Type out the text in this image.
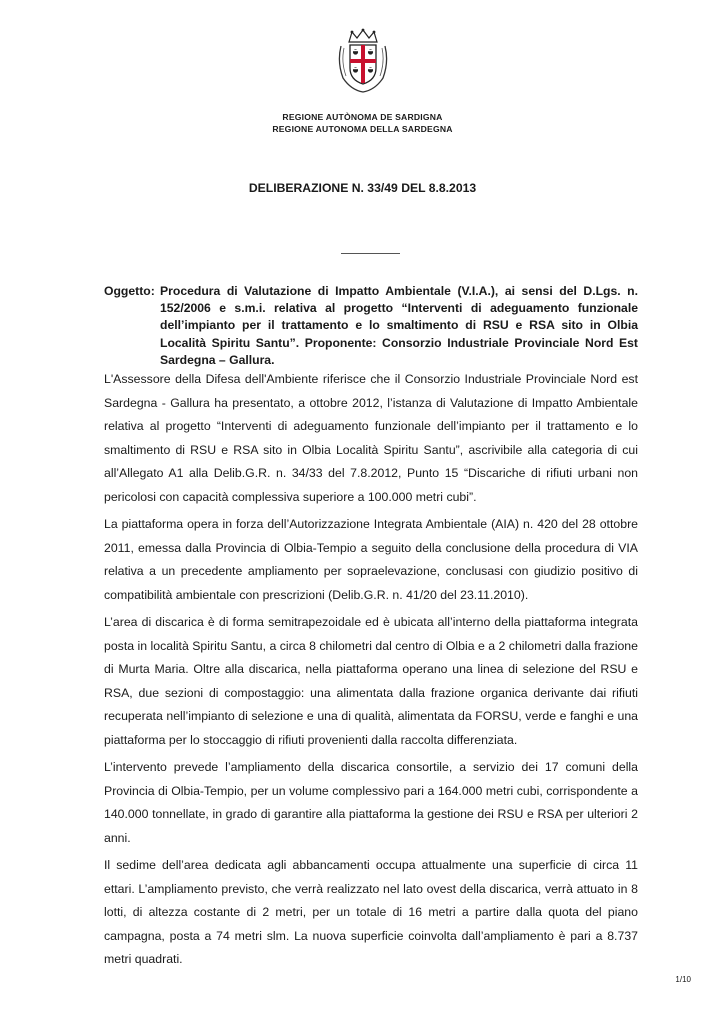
REGIONE AUTÒNOMA DE SARDIGNA
REGIONE AUTONOMA DELLA SARDEGNA
DELIBERAZIONE N. 33/49 DEL 8.8.2013
Oggetto: Procedura di Valutazione di Impatto Ambientale (V.I.A.), ai sensi del D.Lgs. n. 152/2006 e s.m.i. relativa al progetto “Interventi di adeguamento funzionale dell’impianto per il trattamento e lo smaltimento di RSU e RSA sito in Olbia Località Spiritu Santu”. Proponente: Consorzio Industriale Provinciale Nord Est Sardegna – Gallura.

L'Assessore della Difesa dell'Ambiente riferisce che il Consorzio Industriale Provinciale Nord est Sardegna - Gallura ha presentato, a ottobre 2012, l’istanza di Valutazione di Impatto Ambientale relativa al progetto “Interventi di adeguamento funzionale dell’impianto per il trattamento e lo smaltimento di RSU e RSA sito in Olbia Località Spiritu Santu”, ascrivibile alla categoria di cui all’Allegato A1 alla Delib.G.R. n. 34/33 del 7.8.2012, Punto 15 “Discariche di rifiuti urbani non pericolosi con capacità complessiva superiore a 100.000 metri cubi”.

La piattaforma opera in forza dell’Autorizzazione Integrata Ambientale (AIA) n. 420 del 28 ottobre 2011, emessa dalla Provincia di Olbia-Tempio a seguito della conclusione della procedura di VIA relativa a un precedente ampliamento per sopraelevazione, conclusasi con giudizio positivo di compatibilità ambientale con prescrizioni (Delib.G.R. n. 41/20 del 23.11.2010).

L’area di discarica è di forma semitrapezoidale ed è ubicata all’interno della piattaforma integrata posta in località Spiritu Santu, a circa 8 chilometri dal centro di Olbia e a 2 chilometri dalla frazione di Murta Maria. Oltre alla discarica, nella piattaforma operano una linea di selezione del RSU e RSA, due sezioni di compostaggio: una alimentata dalla frazione organica derivante dai rifiuti recuperata nell’impianto di selezione e una di qualità, alimentata da FORSU, verde e fanghi e una piattaforma per lo stoccaggio di rifiuti provenienti dalla raccolta differenziata.

L’intervento prevede l’ampliamento della discarica consortile, a servizio dei 17 comuni della Provincia di Olbia-Tempio, per un volume complessivo pari a 164.000 metri cubi, corrispondente a 140.000 tonnellate, in grado di garantire alla piattaforma la gestione dei RSU e RSA per ulteriori 2 anni.

Il sedime dell’area dedicata agli abbancamenti occupa attualmente una superficie di circa 11 ettari. L’ampliamento previsto, che verrà realizzato nel lato ovest della discarica, verrà attuato in 8 lotti, di altezza costante di 2 metri, per un totale di 16 metri a partire dalla quota del piano campagna, posta a 74 metri slm. La nuova superficie coinvolta dall’ampliamento è pari a 8.737 metri quadrati.

1/10
